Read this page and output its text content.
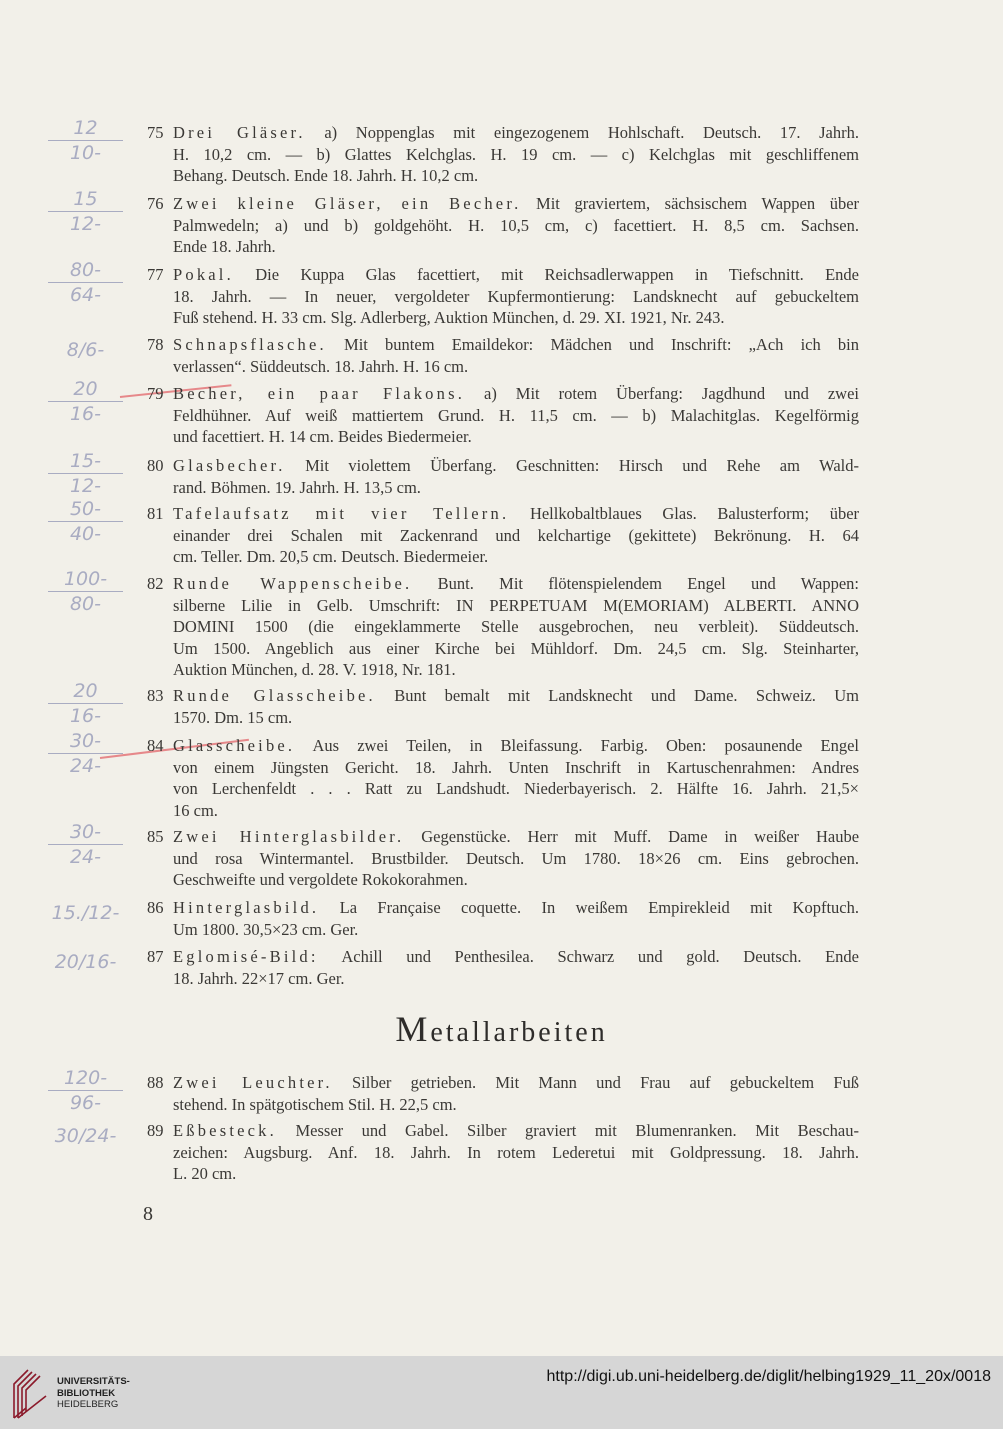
Metallarbeiten
8
75 Drei Gläser. a) Noppenglas mit eingezogenem Hohlschaft. Deutsch. 17. Jahrh.
H. 10,2 cm. — b) Glattes Kelchglas. H. 19 cm. — c) Kelchglas mit geschliffenem
Behang. Deutsch. Ende 18. Jahrh. H. 10,2 cm.
12
10-
76 Zwei kleine Gläser, ein Becher. Mit graviertem, sächsischem Wappen über
Palmwedeln; a) und b) goldgehöht. H. 10,5 cm, c) facettiert. H. 8,5 cm. Sachsen.
Ende 18. Jahrh.
15
12-
77 Pokal. Die Kuppa Glas facettiert, mit Reichsadlerwappen in Tiefschnitt. Ende
18. Jahrh. — In neuer, vergoldeter Kupfermontierung: Landsknecht auf gebuckeltem
Fuß stehend. H. 33 cm. Slg. Adlerberg, Auktion München, d. 29. XI. 1921, Nr. 243.
80-
64-
78 Schnapsflasche. Mit buntem Emaildekor: Mädchen und Inschrift: „Ach ich bin
verlassen“. Süddeutsch. 18. Jahrh. H. 16 cm.
8/6-
79 Becher, ein paar Flakons. a) Mit rotem Überfang: Jagdhund und zwei
Feldhühner. Auf weiß mattiertem Grund. H. 11,5 cm. — b) Malachitglas. Kegelförmig
und facettiert. H. 14 cm. Beides Biedermeier.
20
16-
80 Glasbecher. Mit violettem Überfang. Geschnitten: Hirsch und Rehe am Wald-
rand. Böhmen. 19. Jahrh. H. 13,5 cm.
15-
12-
81 Tafelaufsatz mit vier Tellern. Hellkobaltblaues Glas. Balusterform; über
einander drei Schalen mit Zackenrand und kelchartige (gekittete) Bekrönung. H. 64
cm. Teller. Dm. 20,5 cm. Deutsch. Biedermeier.
50-
40-
82 Runde Wappenscheibe. Bunt. Mit flötenspielendem Engel und Wappen:
silberne Lilie in Gelb. Umschrift: IN PERPETUAM M(EMORIAM) ALBERTI. ANNO
DOMINI 1500 (die eingeklammerte Stelle ausgebrochen, neu verbleit). Süddeutsch.
Um 1500. Angeblich aus einer Kirche bei Mühldorf. Dm. 24,5 cm. Slg. Steinharter,
Auktion München, d. 28. V. 1918, Nr. 181.
100-
80-
83 Runde Glasscheibe. Bunt bemalt mit Landsknecht und Dame. Schweiz. Um
1570. Dm. 15 cm.
20
16-
84 Glasscheibe. Aus zwei Teilen, in Bleifassung. Farbig. Oben: posaunende Engel
von einem Jüngsten Gericht. 18. Jahrh. Unten Inschrift in Kartuschenrahmen: Andres
von Lerchenfeldt . . . Ratt zu Landshudt. Niederbayerisch. 2. Hälfte 16. Jahrh. 21,5×
16 cm.
30-
24-
85 Zwei Hinterglasbilder. Gegenstücke. Herr mit Muff. Dame in weißer Haube
und rosa Wintermantel. Brustbilder. Deutsch. Um 1780. 18×26 cm. Eins gebrochen.
Geschweifte und vergoldete Rokokorahmen.
30-
24-
86 Hinterglasbild. La Française coquette. In weißem Empirekleid mit Kopftuch.
Um 1800. 30,5×23 cm. Ger.
15./12-
87 Eglomisé-Bild: Achill und Penthesilea. Schwarz und gold. Deutsch. Ende
18. Jahrh. 22×17 cm. Ger.
20/16-
88 Zwei Leuchter. Silber getrieben. Mit Mann und Frau auf gebuckeltem Fuß
stehend. In spätgotischem Stil. H. 22,5 cm.
120-
96-
89 Eßbesteck. Messer und Gabel. Silber graviert mit Blumenranken. Mit Beschau-
zeichen: Augsburg. Anf. 18. Jahrh. In rotem Lederetui mit Goldpressung. 18. Jahrh.
L. 20 cm.
30/24-
UNIVERSITÄTS-
BIBLIOTHEK
HEIDELBERG
http://digi.ub.uni-heidelberg.de/diglit/helbing1929_11_20x/0018
